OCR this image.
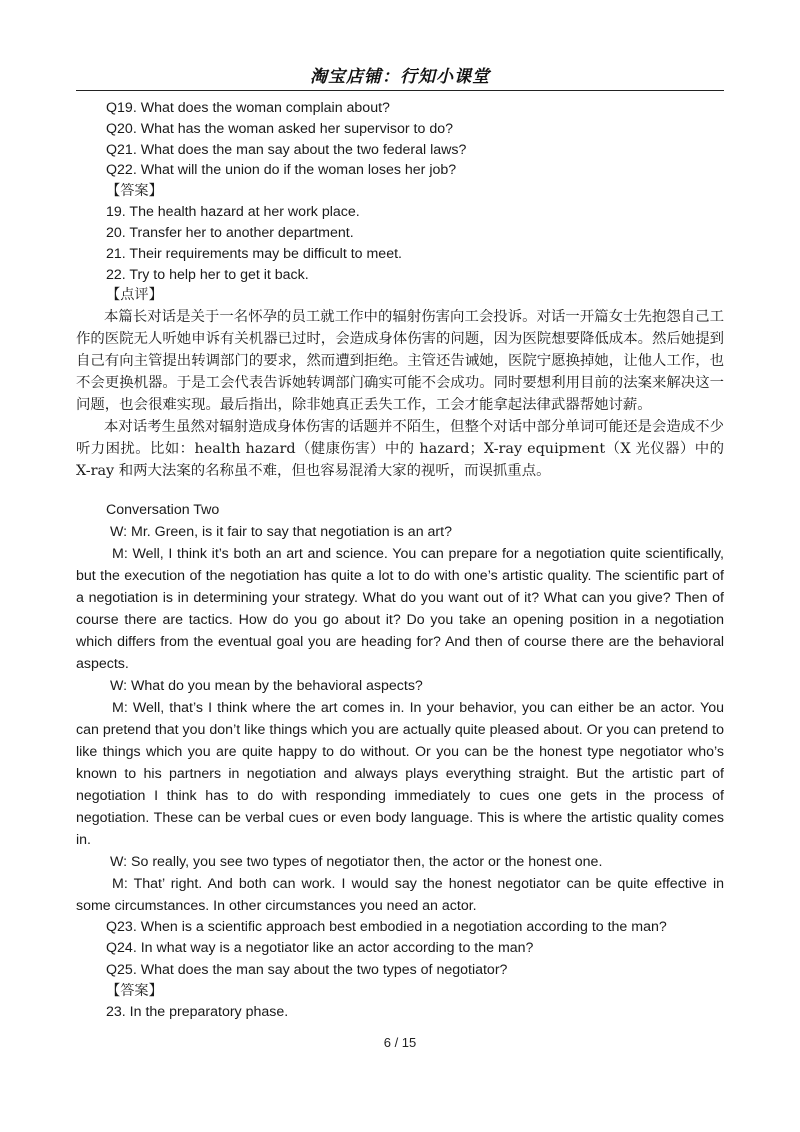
淘宝店铺：行知小课堂
Q19. What does the woman complain about?
Q20. What has the woman asked her supervisor to do?
Q21. What does the man say about the two federal laws?
Q22. What will the union do if the woman loses her job?
【答案】
19. The health hazard at her work place.
20. Transfer her to another department.
21. Their requirements may be difficult to meet.
22. Try to help her to get it back.
【点评】

本篇长对话是关于一名怀孕的员工就工作中的辐射伤害向工会投诉。对话一开篇女士先抱怨自己工作的医院无人听她申诉有关机器已过时，会造成身体伤害的问题，因为医院想要降低成本。然后她提到自己有向主管提出转调部门的要求，然而遭到拒绝。主管还告诫她，医院宁愿换掉她，让他人工作，也不会更换机器。于是工会代表告诉她转调部门确实可能不会成功。同时要想利用目前的法案来解决这一问题，也会很难实现。最后指出，除非她真正丢失工作，工会才能拿起法律武器帮她讨薪。

本对话考生虽然对辐射造成身体伤害的话题并不陌生，但整个对话中部分单词可能还是会造成不少听力困扰。比如：health hazard（健康伤害）中的 hazard；X-ray equipment（X 光仪器）中的 X-ray 和两大法案的名称虽不难，但也容易混淆大家的视听，而误抓重点。

Conversation Two

W: Mr. Green, is it fair to say that negotiation is an art?

M: Well, I think it’s both an art and science. You can prepare for a negotiation quite scientifically, but the execution of the negotiation has quite a lot to do with one’s artistic quality. The scientific part of a negotiation is in determining your strategy. What do you want out of it? What can you give? Then of course there are tactics. How do you go about it? Do you take an opening position in a negotiation which differs from the eventual goal you are heading for? And then of course there are the behavioral aspects.

W: What do you mean by the behavioral aspects?

M: Well, that’s I think where the art comes in. In your behavior, you can either be an actor. You can pretend that you don’t like things which you are actually quite pleased about. Or you can pretend to like things which you are quite happy to do without. Or you can be the honest type negotiator who’s known to his partners in negotiation and always plays everything straight. But the artistic part of negotiation I think has to do with responding immediately to cues one gets in the process of negotiation. These can be verbal cues or even body language. This is where the artistic quality comes in.

W: So really, you see two types of negotiator then, the actor or the honest one.

M: That’ right. And both can work. I would say the honest negotiator can be quite effective in some circumstances. In other circumstances you need an actor.

Q23. When is a scientific approach best embodied in a negotiation according to the man?
Q24. In what way is a negotiator like an actor according to the man?
Q25. What does the man say about the two types of negotiator?
【答案】
23. In the preparatory phase.
6 / 15
